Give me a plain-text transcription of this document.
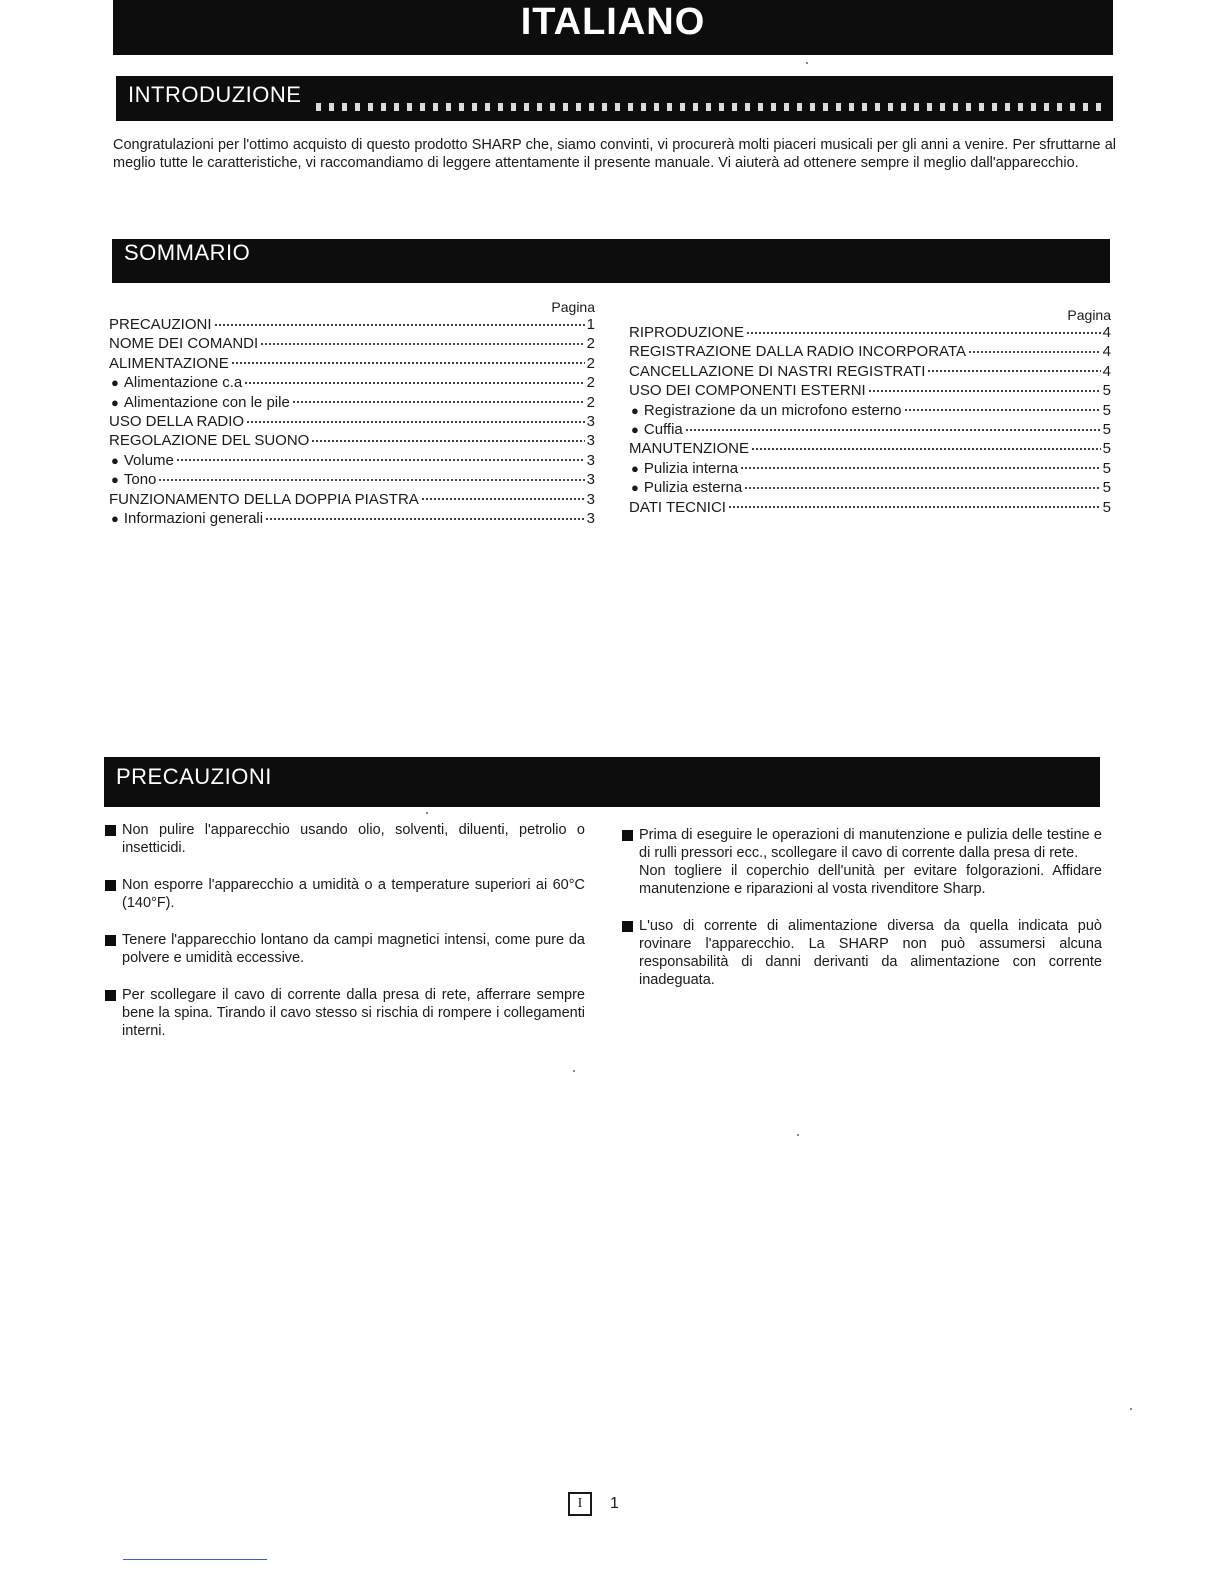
ITALIANO
INTRODUZIONE

Congratulazioni per l'ottimo acquisto di questo prodotto SHARP che, siamo convinti, vi procurerà molti piaceri musicali per gli anni a venire. Per sfruttarne al meglio tutte le caratteristiche, vi raccomandiamo di leggere attentamente il presente manuale. Vi aiuterà ad ottenere sempre il meglio dall'apparecchio.

SOMMARIO
Pagina
PRECAUZIONI	1
NOME DEI COMANDI	2
ALIMENTAZIONE	2
● Alimentazione c.a	2
● Alimentazione con le pile	2
USO DELLA RADIO	3
REGOLAZIONE DEL SUONO	3
● Volume	3
● Tono	3
FUNZIONAMENTO DELLA DOPPIA PIASTRA	3
● Informazioni generali	3
Pagina
RIPRODUZIONE	4
REGISTRAZIONE DALLA RADIO INCORPORATA	4
CANCELLAZIONE DI NASTRI REGISTRATI	4
USO DEI COMPONENTI ESTERNI	5
● Registrazione da un microfono esterno	5
● Cuffia	5
MANUTENZIONE	5
● Pulizia interna	5
● Pulizia esterna	5
DATI TECNICI	5
PRECAUZIONI
Non pulire l'apparecchio usando olio, solventi, diluenti, petrolio o insetticidi.
Non esporre l'apparecchio a umidità o a temperature superiori ai 60°C (140°F).
Tenere l'apparecchio lontano da campi magnetici intensi, come pure da polvere e umidità eccessive.
Per scollegare il cavo di corrente dalla presa di rete, afferrare sempre bene la spina. Tirando il cavo stesso si rischia di rompere i collegamenti interni.
Prima di eseguire le operazioni di manutenzione e pulizia delle testine e di rulli pressori ecc., scollegare il cavo di corrente dalla presa di rete.
Non togliere il coperchio dell'unità per evitare folgorazioni. Affidare manutenzione e riparazioni al vosta rivenditore Sharp.
L'uso di corrente di alimentazione diversa da quella indicata può rovinare l'apparecchio. La SHARP non può assumersi alcuna responsabilità di danni derivanti da alimentazione con corrente inadeguata.
I	1
